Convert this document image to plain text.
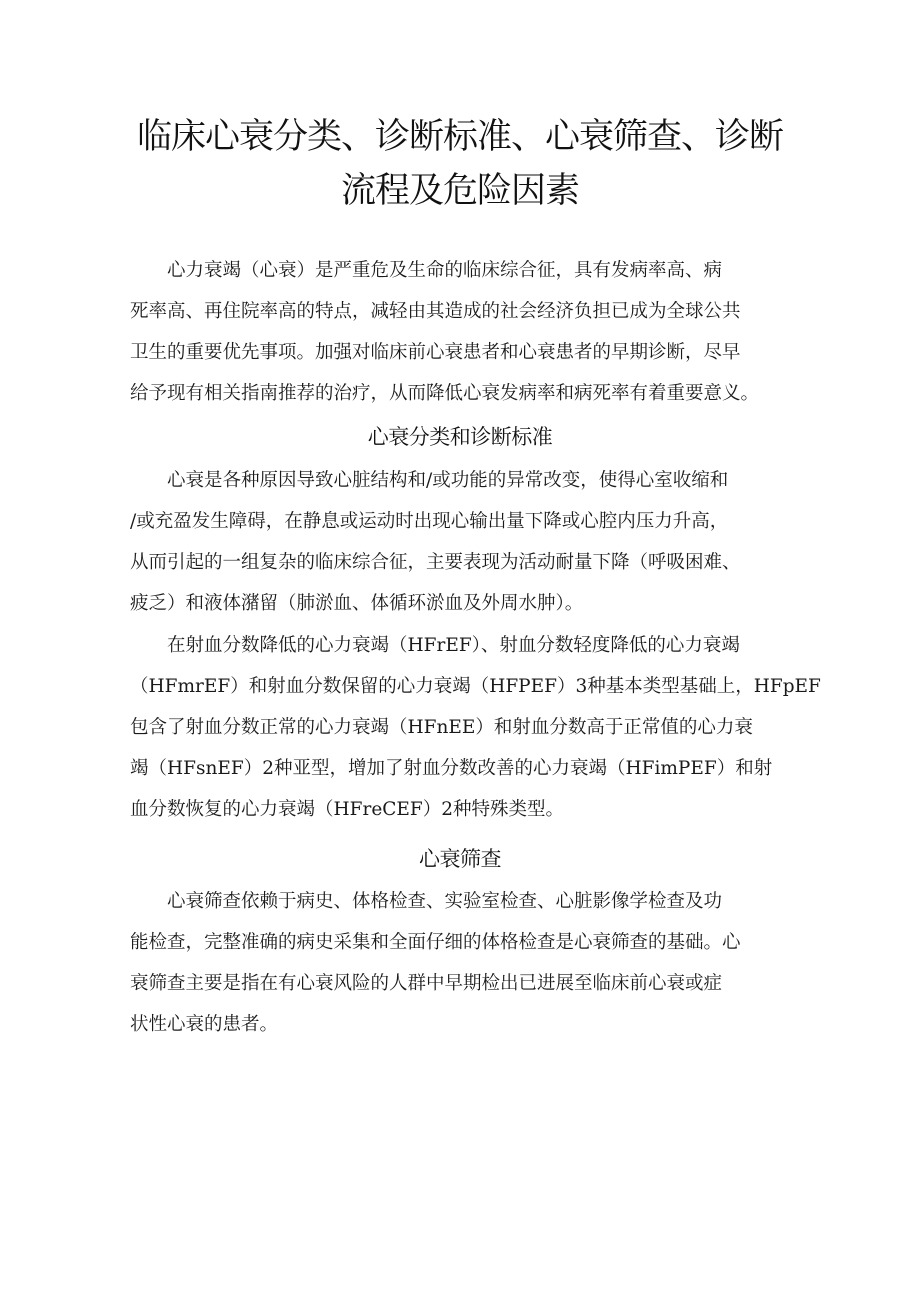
临床心衰分类、诊断标准、心衰筛查、诊断
流程及危险因素

　　心力衰竭（心衰）是严重危及生命的临床综合征，具有发病率高、病
死率高、再住院率高的特点，减轻由其造成的社会经济负担已成为全球公共
卫生的重要优先事项。加强对临床前心衰患者和心衰患者的早期诊断，尽早
给予现有相关指南推荐的治疗，从而降低心衰发病率和病死率有着重要意义。

心衰分类和诊断标准

　　心衰是各种原因导致心脏结构和/或功能的异常改变，使得心室收缩和
/或充盈发生障碍，在静息或运动时出现心输出量下降或心腔内压力升高，
从而引起的一组复杂的临床综合征，主要表现为活动耐量下降（呼吸困难、
疲乏）和液体潴留（肺淤血、体循环淤血及外周水肿）。

　　在射血分数降低的心力衰竭（HFrEF）、射血分数轻度降低的心力衰竭
（HFmrEF）和射血分数保留的心力衰竭（HFPEF）3种基本类型基础上，HFpEF
包含了射血分数正常的心力衰竭（HFnEE）和射血分数高于正常值的心力衰
竭（HFsnEF）2种亚型，增加了射血分数改善的心力衰竭（HFimPEF）和射
血分数恢复的心力衰竭（HFreCEF）2种特殊类型。

心衰筛查

　　心衰筛查依赖于病史、体格检查、实验室检查、心脏影像学检查及功
能检查，完整准确的病史采集和全面仔细的体格检查是心衰筛查的基础。心
衰筛查主要是指在有心衰风险的人群中早期检出已进展至临床前心衰或症
状性心衰的患者。
